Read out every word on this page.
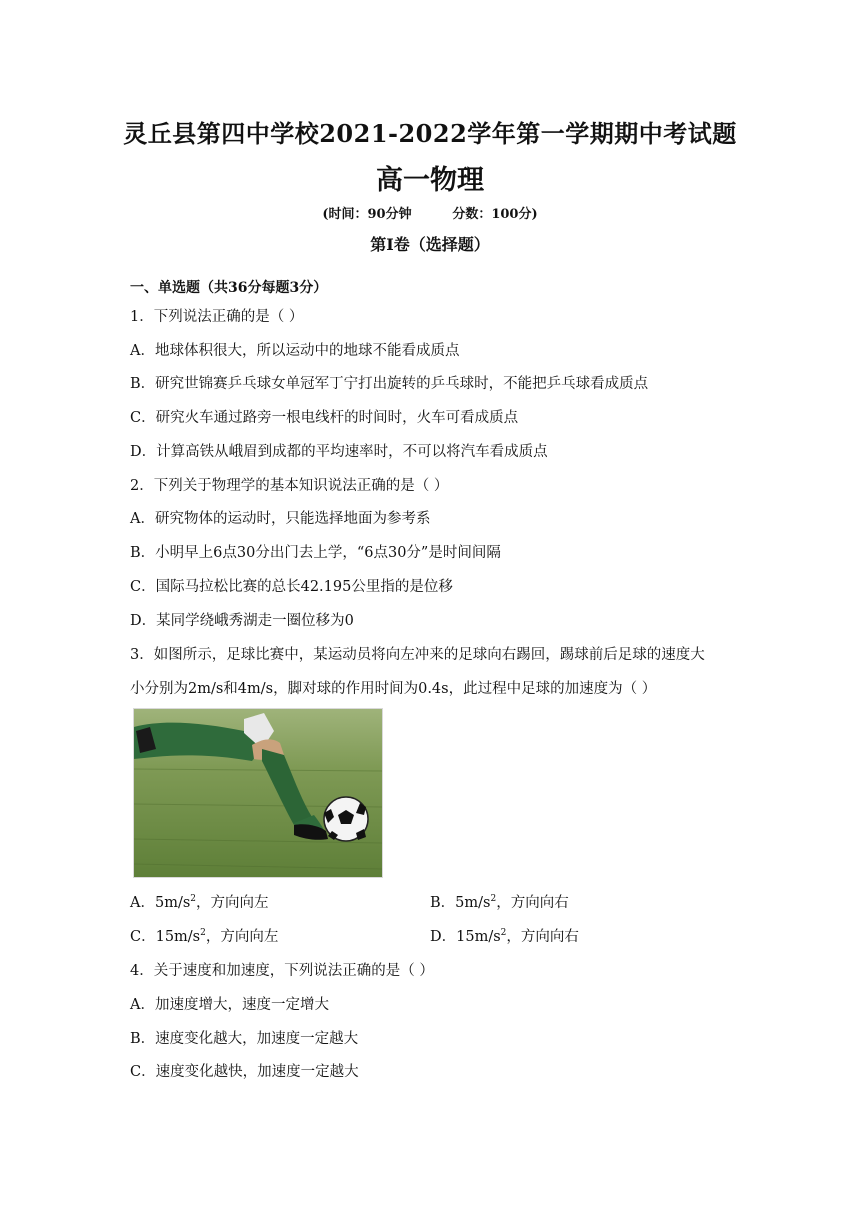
灵丘县第四中学校2021-2022学年第一学期期中考试题
高一物理
(时间：90分钟         分数：100分)
第Ⅰ卷（选择题）
一、单选题（共36分每题3分）
1．下列说法正确的是（ ）
A．地球体积很大，所以运动中的地球不能看成质点
B．研究世锦赛乒乓球女单冠军丁宁打出旋转的乒乓球时，不能把乒乓球看成质点
C．研究火车通过路旁一根电线杆的时间时，火车可看成质点
D．计算高铁从峨眉到成都的平均速率时，不可以将汽车看成质点
2．下列关于物理学的基本知识说法正确的是（ ）
A．研究物体的运动时，只能选择地面为参考系
B．小明早上6点30分出门去上学，“6点30分”是时间间隔
C．国际马拉松比赛的总长42.195公里指的是位移
D．某同学绕峨秀湖走一圈位移为0
3．如图所示，足球比赛中，某运动员将向左冲来的足球向右踢回，踢球前后足球的速度大
小分别为2m/s和4m/s，脚对球的作用时间为0.4s，此过程中足球的加速度为（ ）
A．$5m/s^2$，方向向左	B．$5m/s^2$，方向向右
C．$15m/s^2$，方向向左	D．$15m/s^2$，方向向右
4．关于速度和加速度，下列说法正确的是（ ）
A．加速度增大，速度一定增大
B．速度变化越大，加速度一定越大
C．速度变化越快，加速度一定越大
